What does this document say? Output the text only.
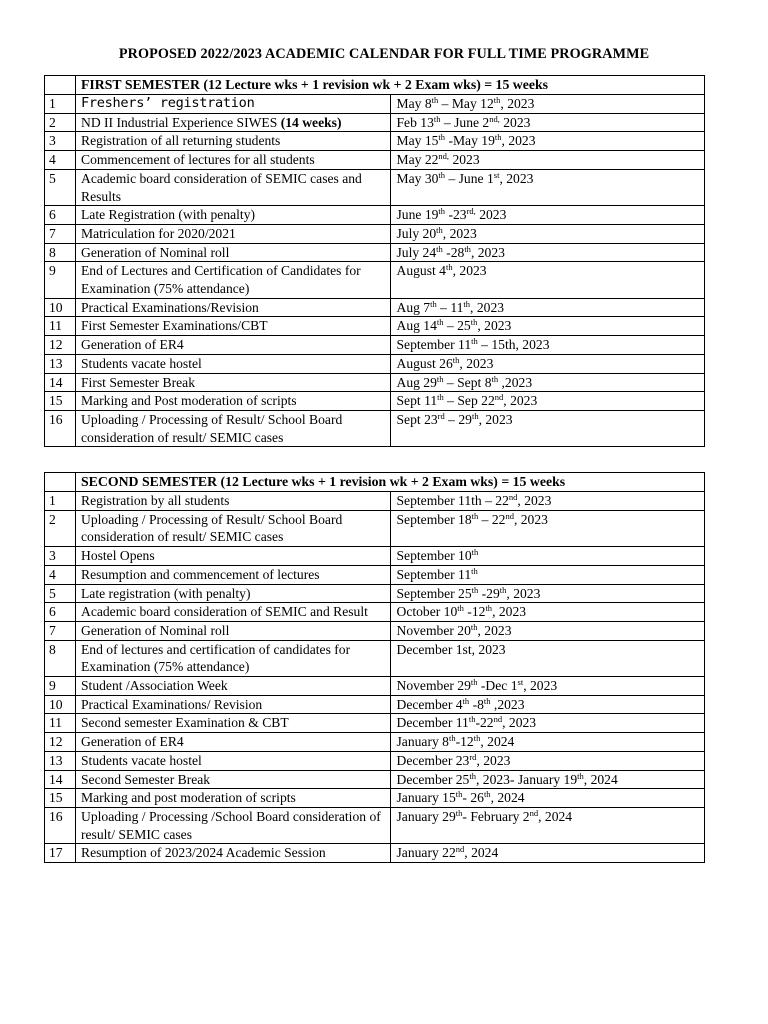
PROPOSED 2022/2023 ACADEMIC CALENDAR FOR FULL TIME PROGRAMME
	FIRST SEMESTER (12 Lecture wks + 1 revision wk + 2 Exam wks) = 15 weeks	
1	Freshers’ registration	May 8th – May 12th, 2023
2	ND II Industrial Experience SIWES (14 weeks)	Feb 13th – June $2^{nd,}$ 2023
3	Registration of all returning students	May 15th -May 19th, 2023
4	Commencement of lectures for all students	May $22^{nd,}$ 2023
5	Academic board consideration of SEMIC cases and Results	May 30th – June 1st, 2023
6	Late Registration (with penalty)	June 19th $-23^{rd,}$ 2023
7	Matriculation for 2020/2021	July 20th, 2023
8	Generation of Nominal roll	July 24th -28th, 2023
9	End of Lectures and Certification of Candidates for Examination (75% attendance)	August 4th, 2023
10	Practical Examinations/Revision	Aug 7th – 11th, 2023
11	First Semester Examinations/CBT	Aug 14th – 25th, 2023
12	Generation of ER4	September 11th – 15th, 2023
13	Students vacate hostel	August 26th, 2023
14	First Semester Break	Aug 29th – Sept 8th ,2023
15	Marking and Post moderation of scripts	Sept 11th – Sep 22nd, 2023
16	Uploading / Processing of Result/ School Board consideration of result/ SEMIC cases	Sept 23rd – 29th, 2023
	SECOND SEMESTER (12 Lecture wks + 1 revision wk + 2 Exam wks) = 15 weeks	
1	Registration by all students	September 11th – 22nd, 2023
2	Uploading / Processing of Result/ School Board consideration of result/ SEMIC cases	September 18th – 22nd, 2023
3	Hostel Opens	September 10th
4	Resumption and commencement of lectures	September 11th
5	Late registration (with penalty)	September 25th -29th, 2023
6	Academic board consideration of SEMIC and Result	October 10th -12th, 2023
7	Generation of Nominal roll	November 20th, 2023
8	End of lectures and certification of candidates for Examination (75% attendance)	December 1st, 2023
9	Student /Association Week	November 29th -Dec 1st, 2023
10	Practical Examinations/ Revision	December 4th -8th ,2023
11	Second semester Examination & CBT	December 11th-22nd, 2023
12	Generation of ER4	January 8th-12th, 2024
13	Students vacate hostel	December 23rd, 2023
14	Second Semester Break	December 25th, 2023- January 19th, 2024
15	Marking and post moderation of scripts	January 15th- 26th, 2024
16	Uploading / Processing /School Board consideration of result/ SEMIC cases	January 29th- February 2nd, 2024
17	Resumption of 2023/2024 Academic Session	January 22nd, 2024
